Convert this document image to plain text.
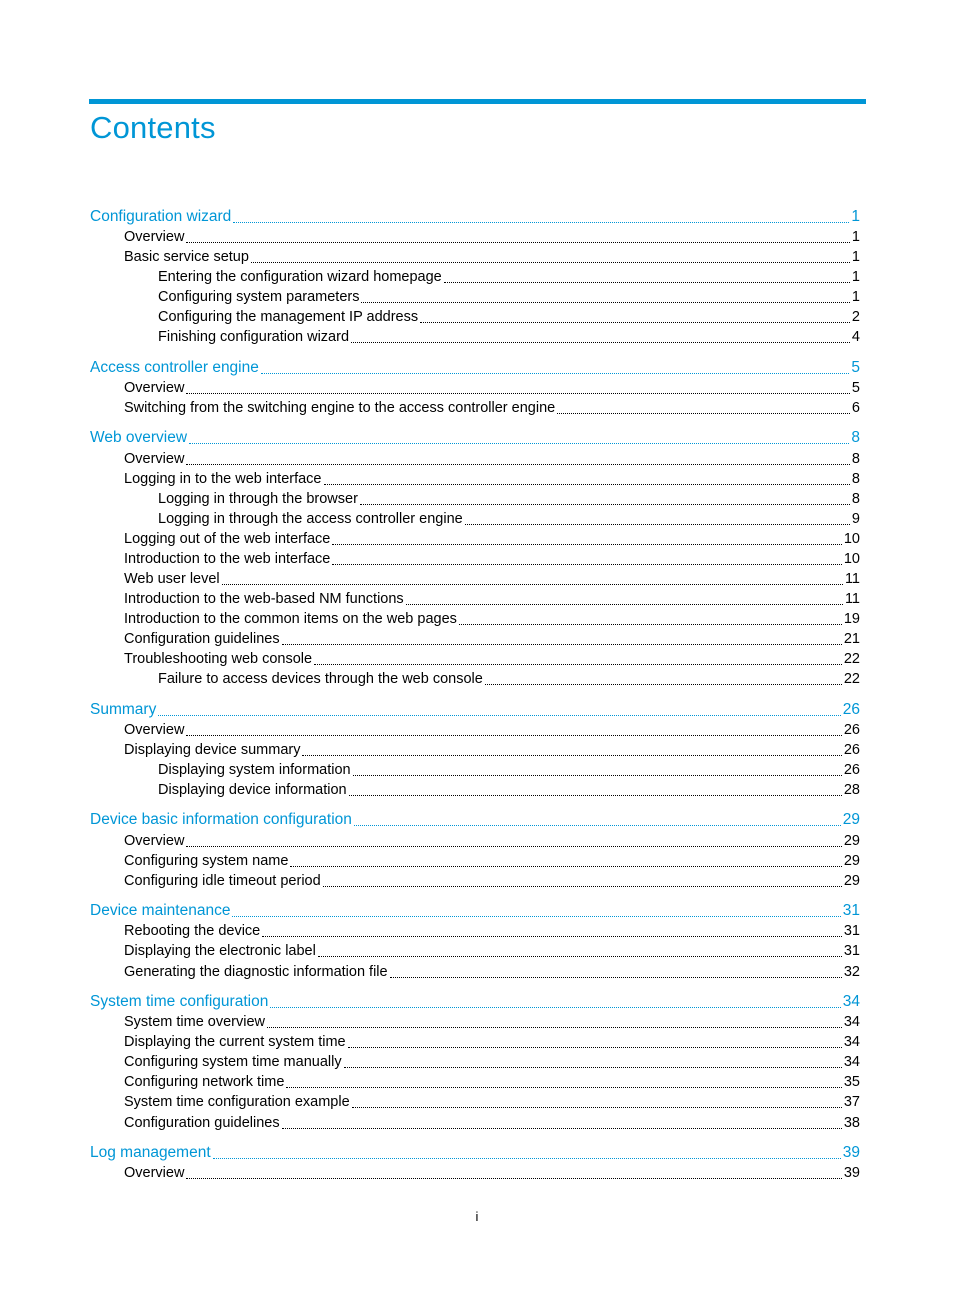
Contents
Configuration wizard	1
Overview	1
Basic service setup	1
Entering the configuration wizard homepage	1
Configuring system parameters	1
Configuring the management IP address	2
Finishing configuration wizard	4
Access controller engine	5
Overview	5
Switching from the switching engine to the access controller engine	6
Web overview	8
Overview	8
Logging in to the web interface	8
Logging in through the browser	8
Logging in through the access controller engine	9
Logging out of the web interface	10
Introduction to the web interface	10
Web user level	11
Introduction to the web-based NM functions	11
Introduction to the common items on the web pages	19
Configuration guidelines	21
Troubleshooting web console	22
Failure to access devices through the web console	22
Summary	26
Overview	26
Displaying device summary	26
Displaying system information	26
Displaying device information	28
Device basic information configuration	29
Overview	29
Configuring system name	29
Configuring idle timeout period	29
Device maintenance	31
Rebooting the device	31
Displaying the electronic label	31
Generating the diagnostic information file	32
System time configuration	34
System time overview	34
Displaying the current system time	34
Configuring system time manually	34
Configuring network time	35
System time configuration example	37
Configuration guidelines	38
Log management	39
Overview	39
i
